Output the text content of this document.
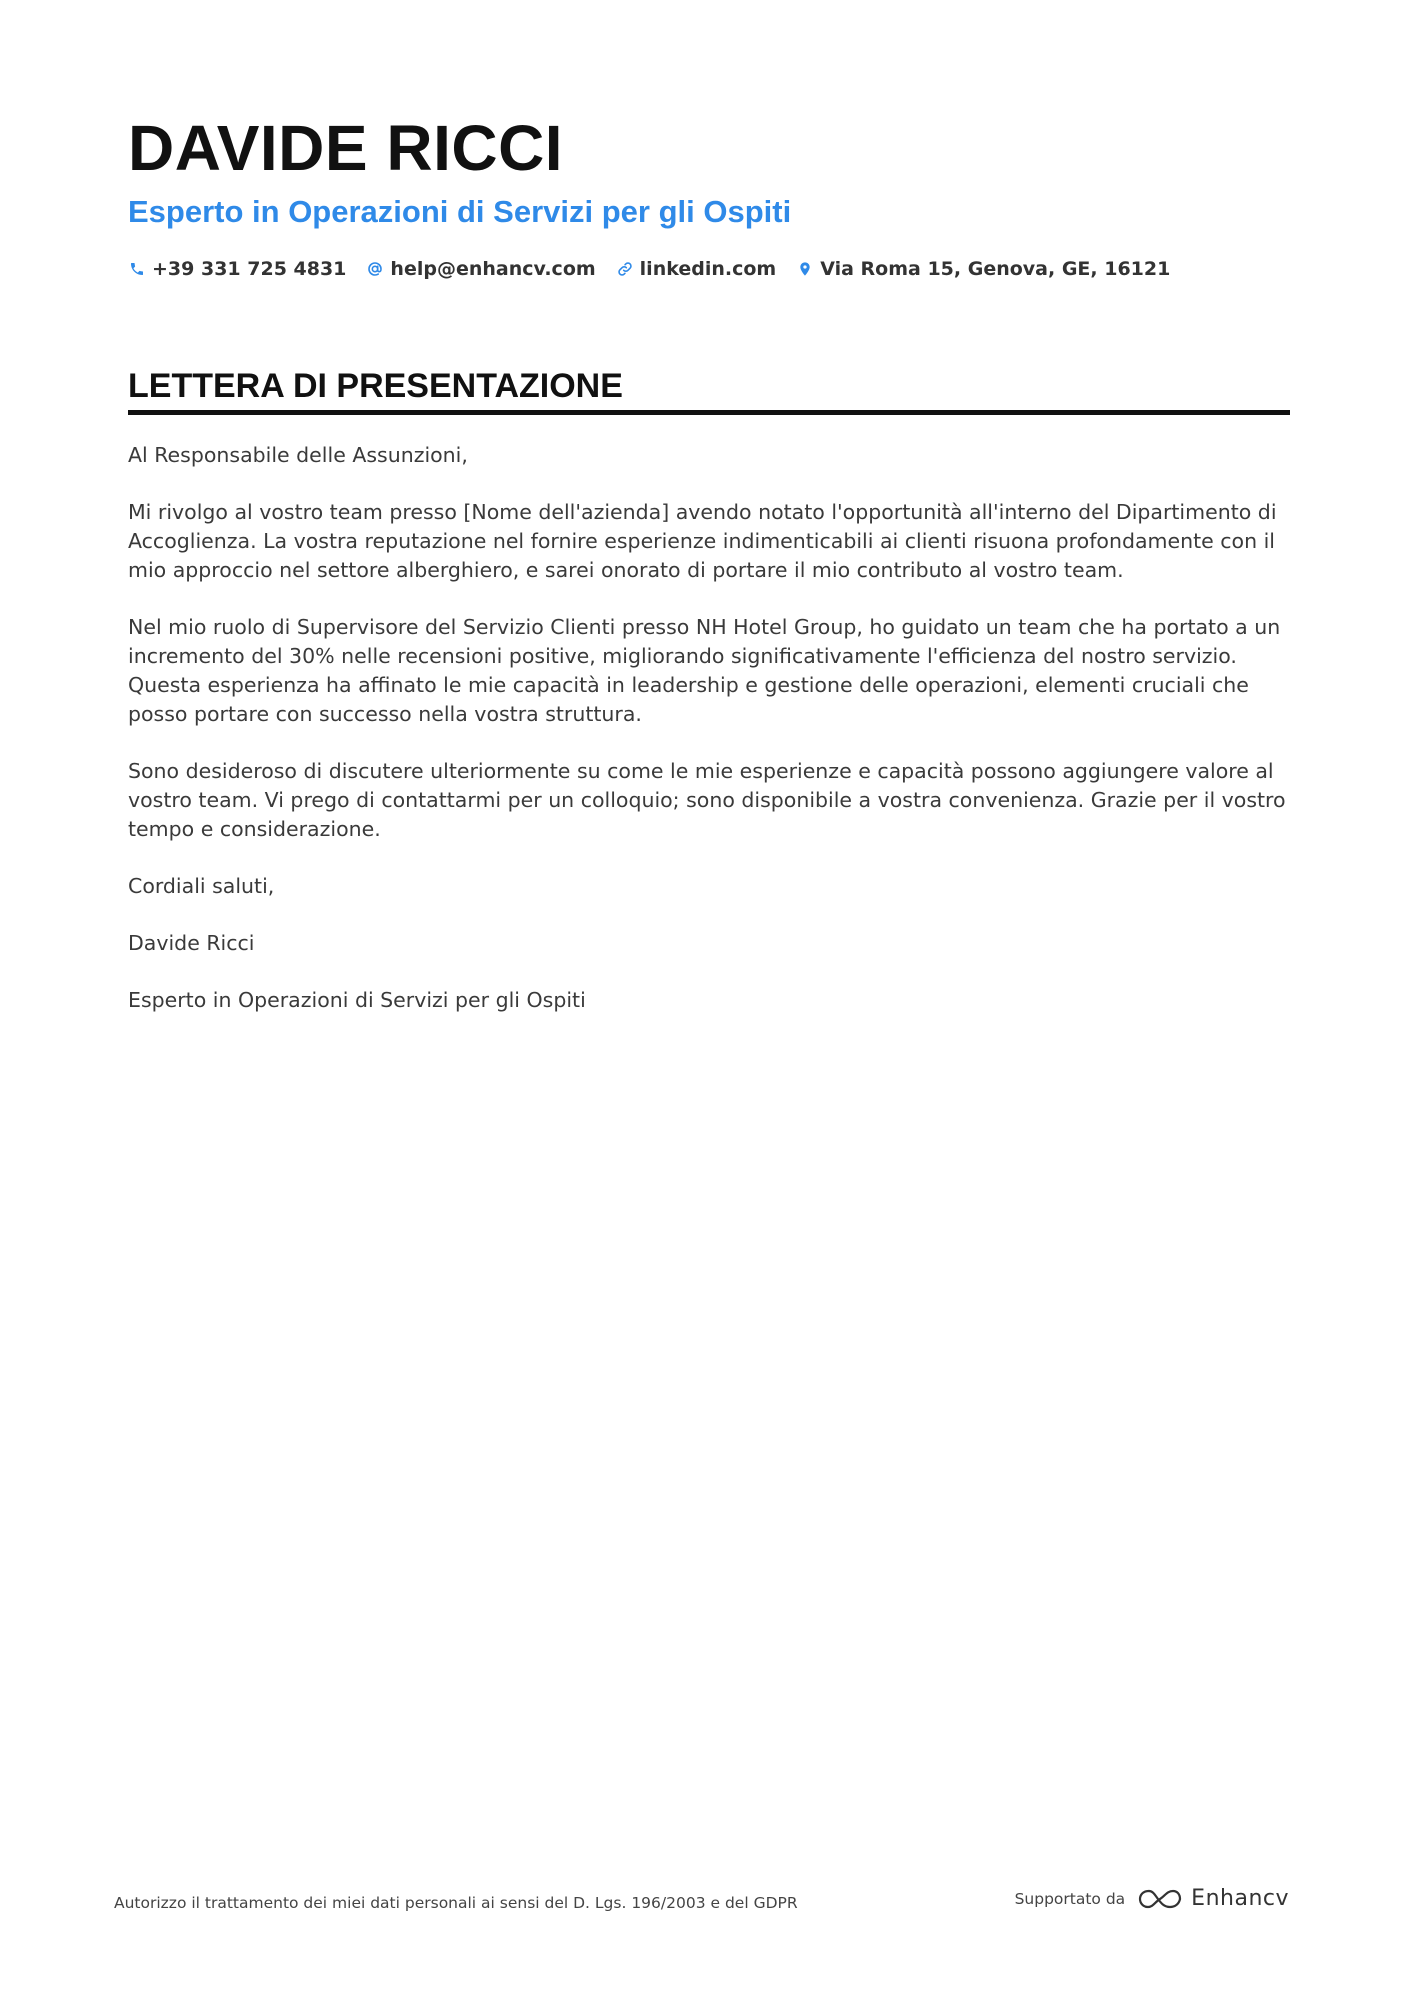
DAVIDE RICCI
Esperto in Operazioni di Servizi per gli Ospiti
+39 331 725 4831 help@enhancv.com linkedin.com Via Roma 15, Genova, GE, 16121
LETTERA DI PRESENTAZIONE

Al Responsabile delle Assunzioni,

Mi rivolgo al vostro team presso [Nome dell'azienda] avendo notato l'opportunità all'interno del Dipartimento di Accoglienza. La vostra reputazione nel fornire esperienze indimenticabili ai clienti risuona profondamente con il mio approccio nel settore alberghiero, e sarei onorato di portare il mio contributo al vostro team.

Nel mio ruolo di Supervisore del Servizio Clienti presso NH Hotel Group, ho guidato un team che ha portato a un incremento del 30% nelle recensioni positive, migliorando significativamente l'efficienza del nostro servizio. Questa esperienza ha affinato le mie capacità in leadership e gestione delle operazioni, elementi cruciali che posso portare con successo nella vostra struttura.

Sono desideroso di discutere ulteriormente su come le mie esperienze e capacità possono aggiungere valore al vostro team. Vi prego di contattarmi per un colloquio; sono disponibile a vostra convenienza. Grazie per il vostro tempo e considerazione.

Cordiali saluti,

Davide Ricci

Esperto in Operazioni di Servizi per gli Ospiti

Autorizzo il trattamento dei miei dati personali ai sensi del D. Lgs. 196/2003 e del GDPR	Supportato da	Enhancv
